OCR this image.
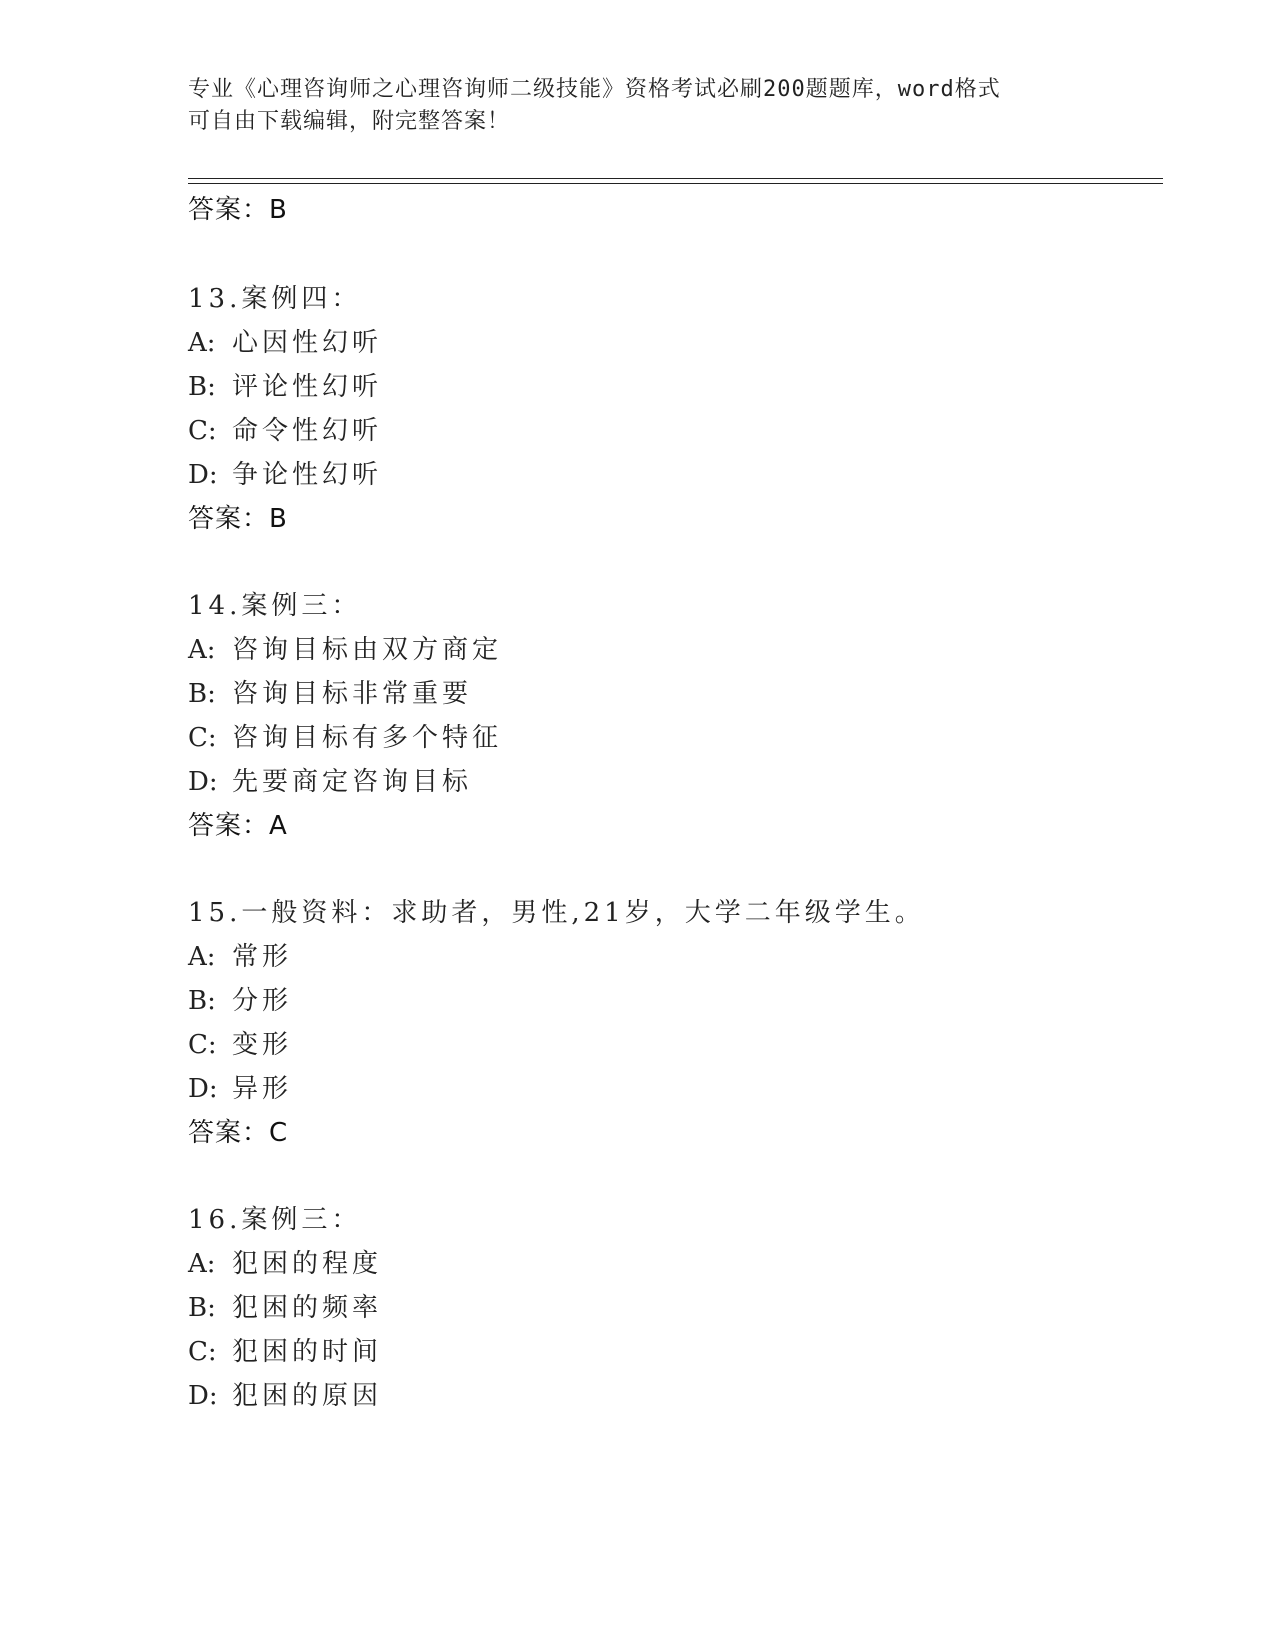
专业《心理咨询师之心理咨询师二级技能》资格考试必刷200题题库，word格式
可自由下载编辑，附完整答案！
答案：B
13.案例四：
A: 心因性幻听
B: 评论性幻听
C: 命令性幻听
D: 争论性幻听
答案：B
14.案例三：
A: 咨询目标由双方商定
B: 咨询目标非常重要
C: 咨询目标有多个特征
D: 先要商定咨询目标
答案：A
15.一般资料：求助者，男性,21岁，大学二年级学生。
A: 常形
B: 分形
C: 变形
D: 异形
答案：C
16.案例三：
A: 犯困的程度
B: 犯困的频率
C: 犯困的时间
D: 犯困的原因
